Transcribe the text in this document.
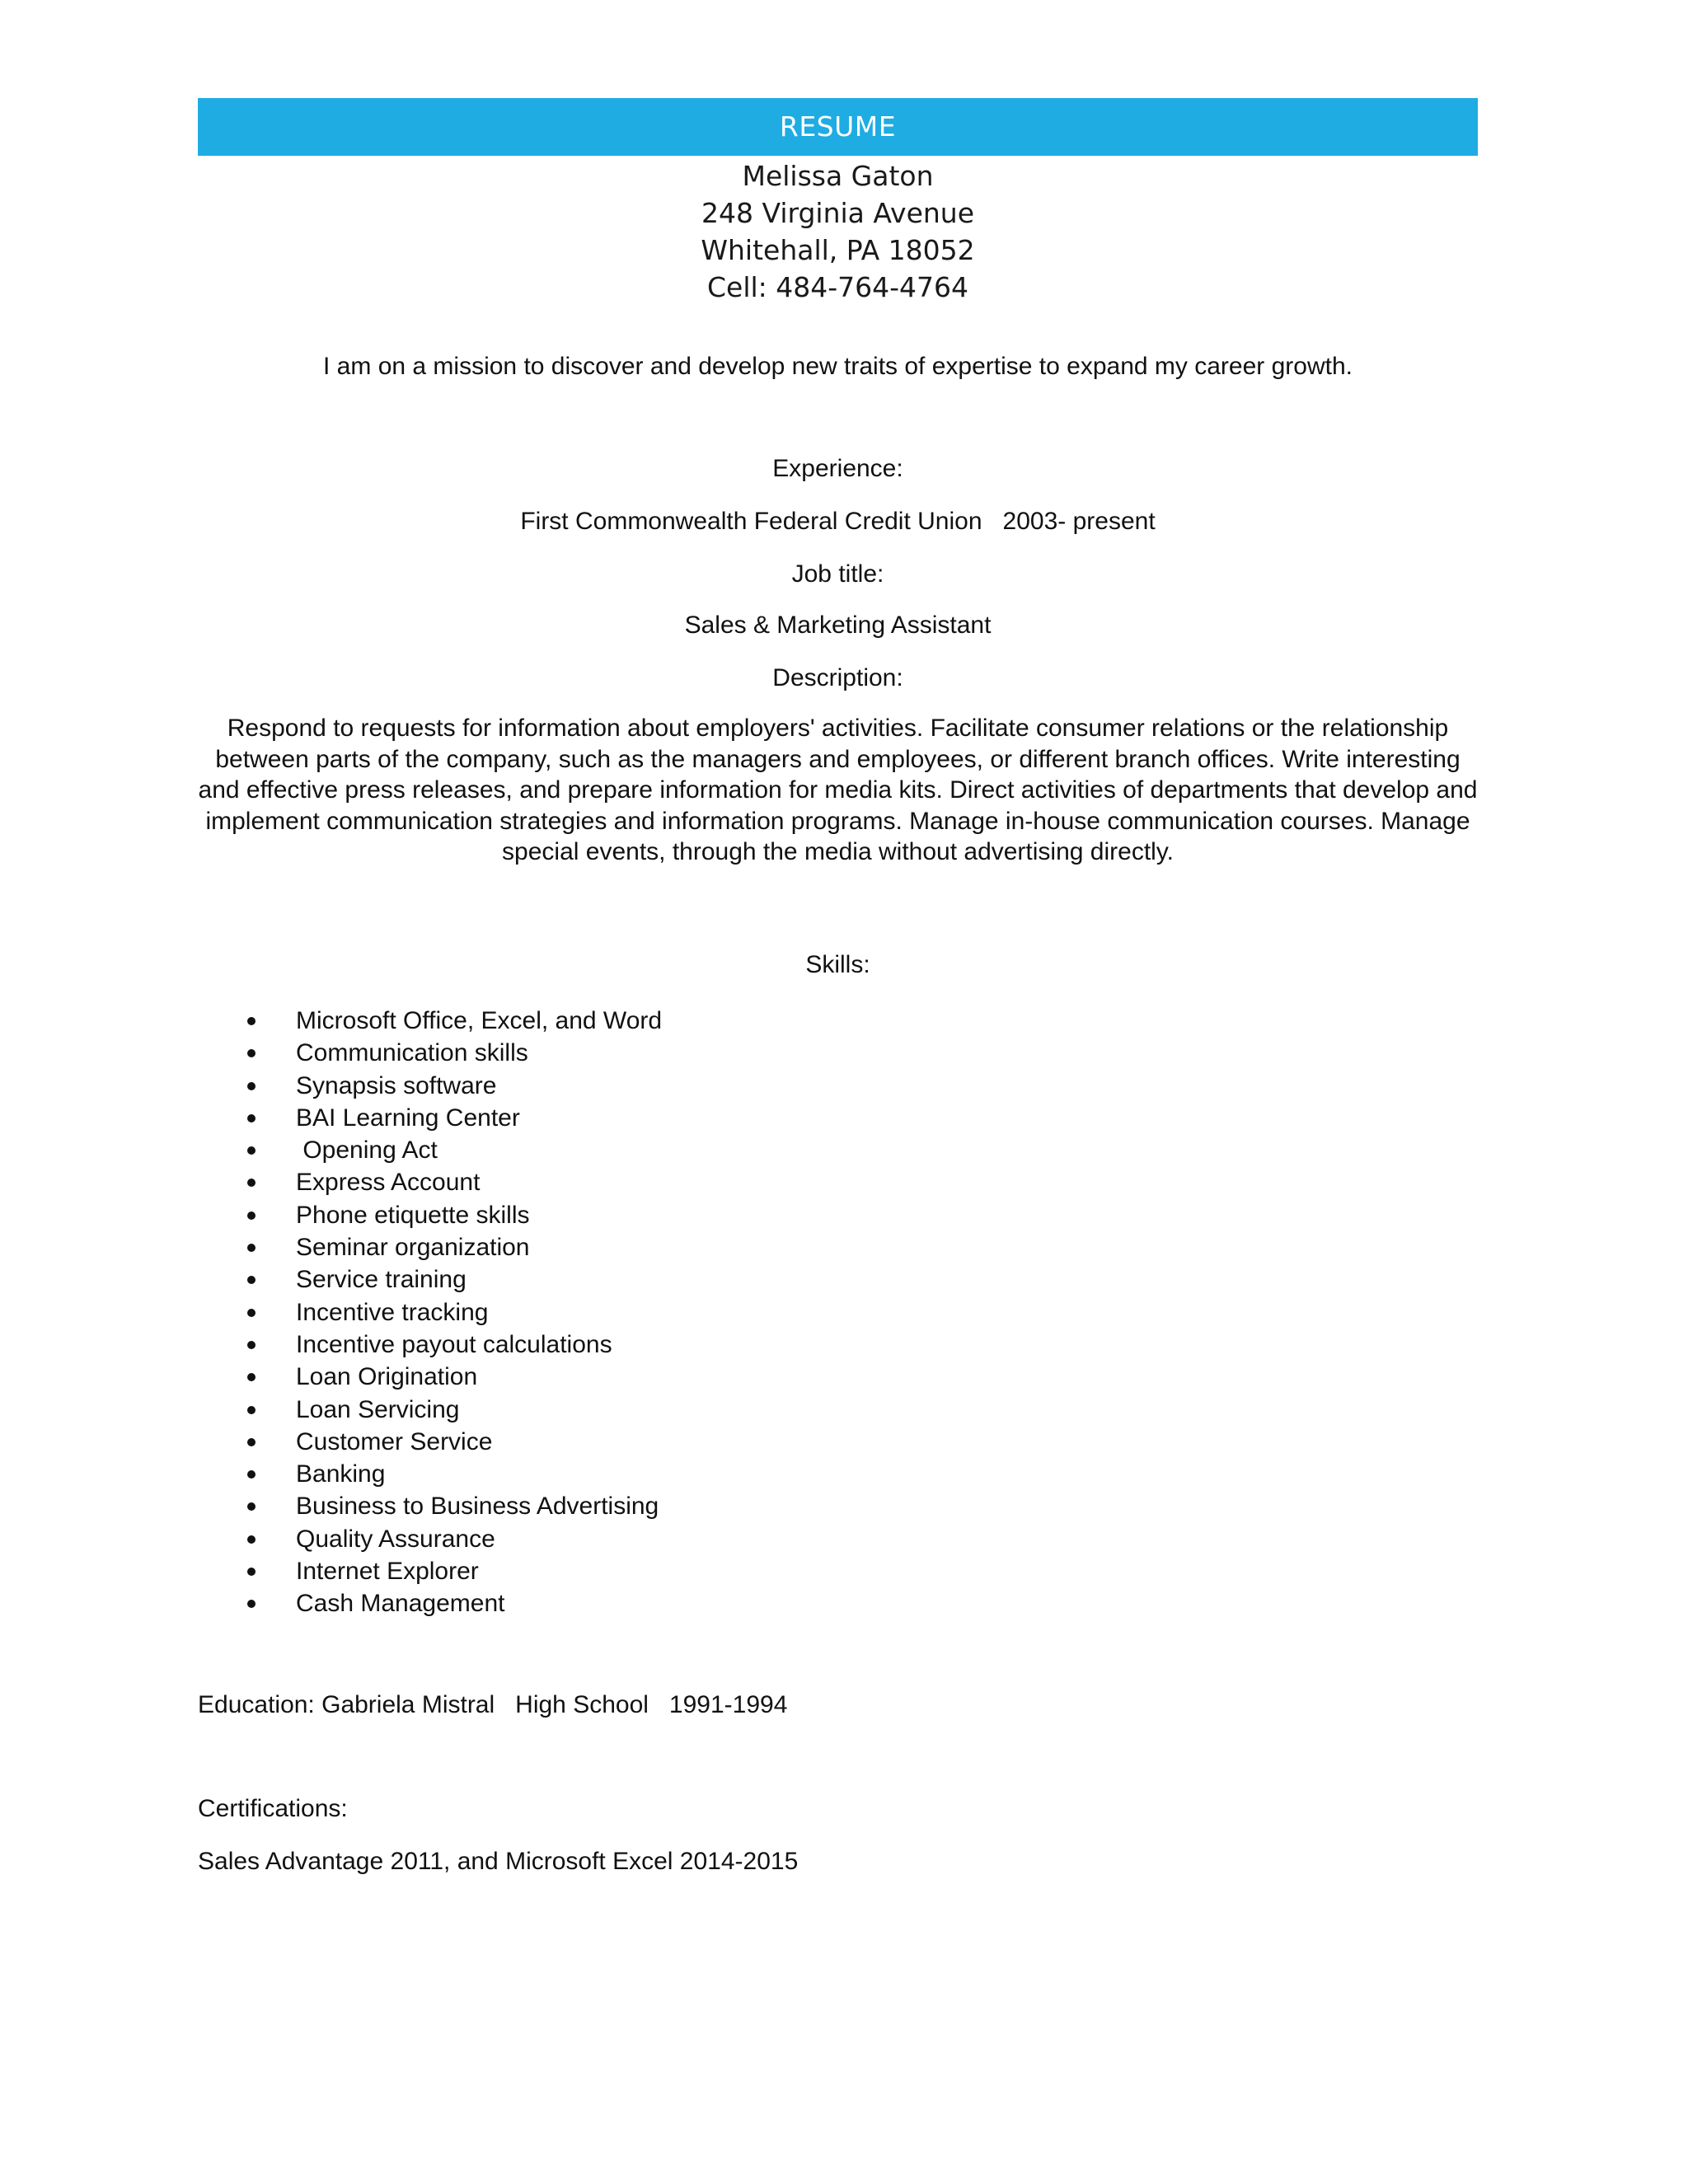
RESUME
Melissa Gaton
248 Virginia Avenue
Whitehall, PA 18052
Cell: 484-764-4764
I am on a mission to discover and develop new traits of expertise to expand my career growth.
Experience:
First Commonwealth Federal Credit Union   2003- present
Job title:
Sales & Marketing Assistant
Description:
Respond to requests for information about employers' activities. Facilitate consumer relations or the relationship between parts of the company, such as the managers and employees, or different branch offices. Write interesting and effective press releases, and prepare information for media kits. Direct activities of departments that develop and implement communication strategies and information programs. Manage in-house communication courses. Manage special events, through the media without advertising directly.
Skills:
Microsoft Office, Excel, and Word
Communication skills
Synapsis software
BAI Learning Center
Opening Act
Express Account
Phone etiquette skills
Seminar organization
Service training
Incentive tracking
Incentive payout calculations
Loan Origination
Loan Servicing
Customer Service
Banking
Business to Business Advertising
Quality Assurance
Internet Explorer
Cash Management
Education: Gabriela Mistral   High School   1991-1994
Certifications:
Sales Advantage 2011, and Microsoft Excel 2014-2015
